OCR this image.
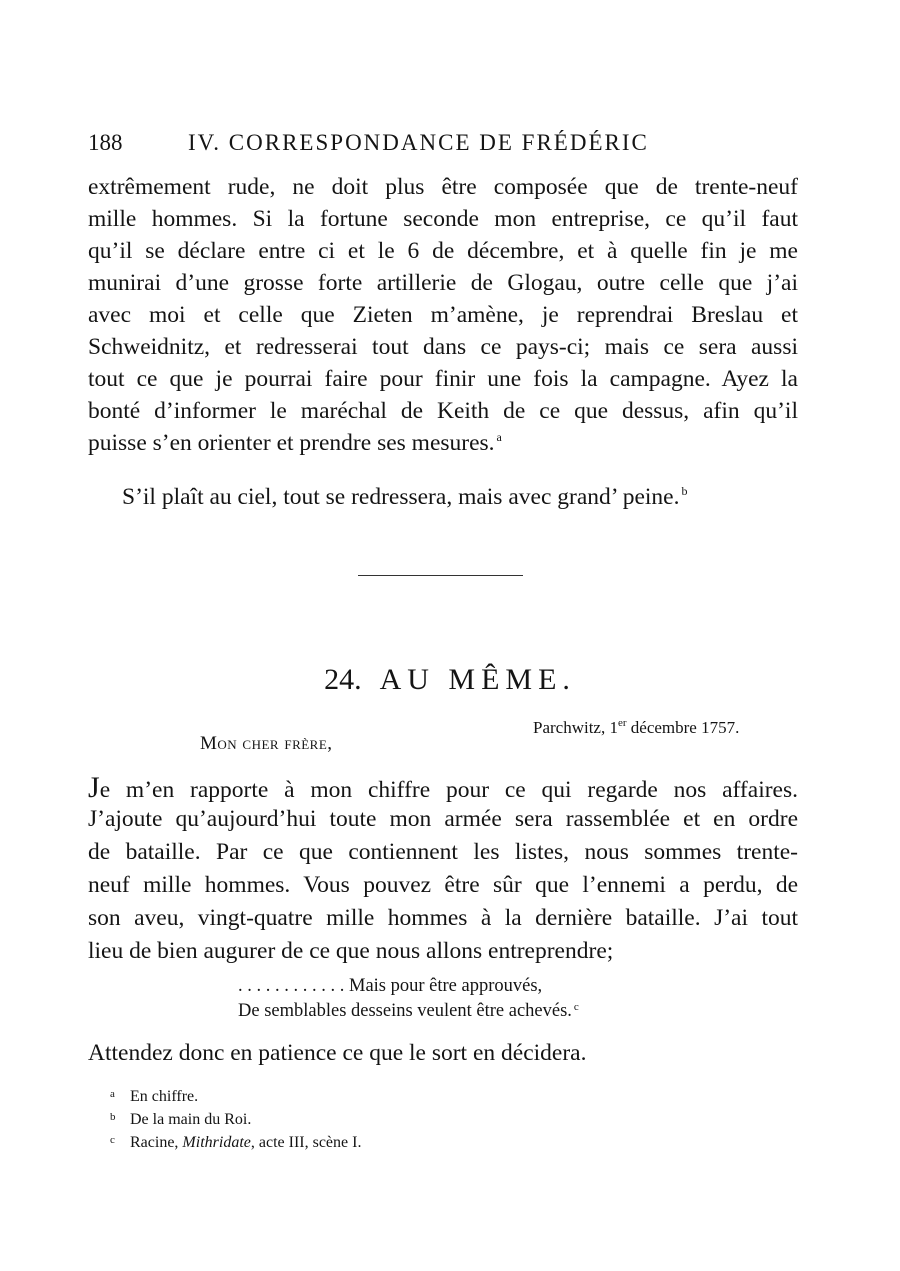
188	IV. CORRESPONDANCE DE FRÉDÉRIC
extrêmement rude, ne doit plus être composée que de trente-neuf
mille hommes. Si la fortune seconde mon entreprise, ce qu’il faut
qu’il se déclare entre ci et le 6 de décembre, et à quelle fin je me
munirai d’une grosse forte artillerie de Glogau, outre celle que j’ai
avec moi et celle que Zieten m’amène, je reprendrai Breslau et
Schweidnitz, et redresserai tout dans ce pays-ci; mais ce sera aussi
tout ce que je pourrai faire pour finir une fois la campagne. Ayez la
bonté d’informer le maréchal de Keith de ce que dessus, afin qu’il
puisse s’en orienter et prendre ses mesures. $^a$
S’il plaît au ciel, tout se redressera, mais avec grand’ peine. $^b$
24. AU MÊME.
Parchwitz, 1er décembre 1757.
Mon cher frère,
Je m’en rapporte à mon chiffre pour ce qui regarde nos affaires.
J’ajoute qu’aujourd’hui toute mon armée sera rassemblée et en ordre
de bataille. Par ce que contiennent les listes, nous sommes trente-
neuf mille hommes. Vous pouvez être sûr que l’ennemi a perdu, de
son aveu, vingt-quatre mille hommes à la dernière bataille. J’ai tout
lieu de bien augurer de ce que nous allons entreprendre;
. . . . . . . . . . . . Mais pour être approuvés,
De semblables desseins veulent être achevés. $^c$
Attendez donc en patience ce que le sort en décidera.
a En chiffre.
b De la main du Roi.
c Racine, Mithridate, acte III, scène I.
